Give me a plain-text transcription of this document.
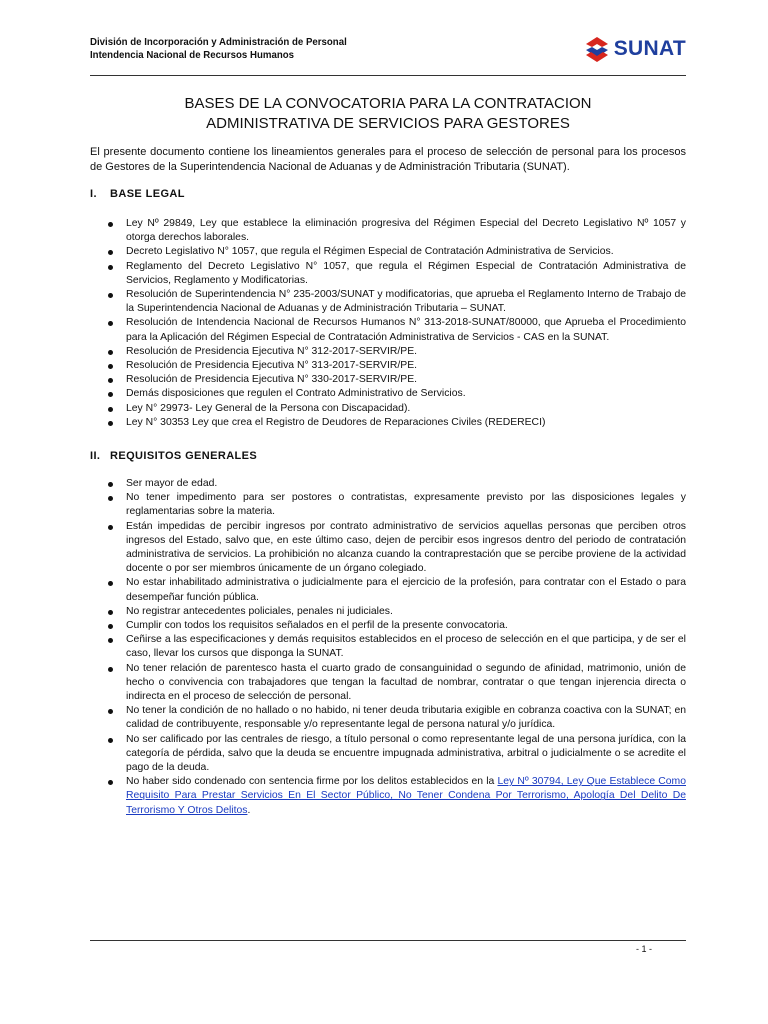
División de Incorporación y Administración de Personal
Intendencia Nacional de Recursos Humanos	SUNAT
BASES DE LA CONVOCATORIA PARA LA CONTRATACION
ADMINISTRATIVA DE SERVICIOS PARA GESTORES
El presente documento contiene los lineamientos generales para el proceso de selección de personal para los procesos de Gestores de la Superintendencia Nacional de Aduanas y de Administración Tributaria (SUNAT).
I. BASE LEGAL
Ley Nº 29849, Ley que establece la eliminación progresiva del Régimen Especial del Decreto Legislativo Nº 1057 y otorga derechos laborales.
Decreto Legislativo N° 1057, que regula el Régimen Especial de Contratación Administrativa de Servicios.
Reglamento del Decreto Legislativo N° 1057, que regula el Régimen Especial de Contratación Administrativa de Servicios, Reglamento y Modificatorias.
Resolución de Superintendencia N° 235-2003/SUNAT y modificatorias, que aprueba el Reglamento Interno de Trabajo de la Superintendencia Nacional de Aduanas y de Administración Tributaria – SUNAT.
Resolución de Intendencia Nacional de Recursos Humanos N° 313-2018-SUNAT/80000, que Aprueba el Procedimiento para la Aplicación del Régimen Especial de Contratación Administrativa de Servicios - CAS en la SUNAT.
Resolución de Presidencia Ejecutiva N° 312-2017-SERVIR/PE.
Resolución de Presidencia Ejecutiva N° 313-2017-SERVIR/PE.
Resolución de Presidencia Ejecutiva N° 330-2017-SERVIR/PE.
Demás disposiciones que regulen el Contrato Administrativo de Servicios.
Ley N° 29973- Ley General de la Persona con Discapacidad).
Ley N° 30353 Ley que crea el Registro de Deudores de Reparaciones Civiles (REDERECI)
II. REQUISITOS GENERALES
Ser mayor de edad.
No tener impedimento para ser postores o contratistas, expresamente previsto por las disposiciones legales y reglamentarias sobre la materia.
Están impedidas de percibir ingresos por contrato administrativo de servicios aquellas personas que perciben otros ingresos del Estado, salvo que, en este último caso, dejen de percibir esos ingresos dentro del periodo de contratación administrativa de servicios. La prohibición no alcanza cuando la contraprestación que se percibe proviene de la actividad docente o por ser miembros únicamente de un órgano colegiado.
No estar inhabilitado administrativa o judicialmente para el ejercicio de la profesión, para contratar con el Estado o para desempeñar función pública.
No registrar antecedentes policiales, penales ni judiciales.
Cumplir con todos los requisitos señalados en el perfil de la presente convocatoria.
Ceñirse a las especificaciones y demás requisitos establecidos en el proceso de selección en el que participa, y de ser el caso, llevar los cursos que disponga la SUNAT.
No tener relación de parentesco hasta el cuarto grado de consanguinidad o segundo de afinidad, matrimonio, unión de hecho o convivencia con trabajadores que tengan la facultad de nombrar, contratar o que tengan injerencia directa o indirecta en el proceso de selección de personal.
No tener la condición de no hallado o no habido, ni tener deuda tributaria exigible en cobranza coactiva con la SUNAT; en calidad de contribuyente, responsable y/o representante legal de persona natural y/o jurídica.
No ser calificado por las centrales de riesgo, a título personal o como representante legal de una persona jurídica, con la categoría de pérdida, salvo que la deuda se encuentre impugnada administrativa, arbitral o judicialmente o se acredite el pago de la deuda.
No haber sido condenado con sentencia firme por los delitos establecidos en la Ley Nº 30794, Ley Que Establece Como Requisito Para Prestar Servicios En El Sector Público, No Tener Condena Por Terrorismo, Apología Del Delito De Terrorismo Y Otros Delitos.
- 1 -
